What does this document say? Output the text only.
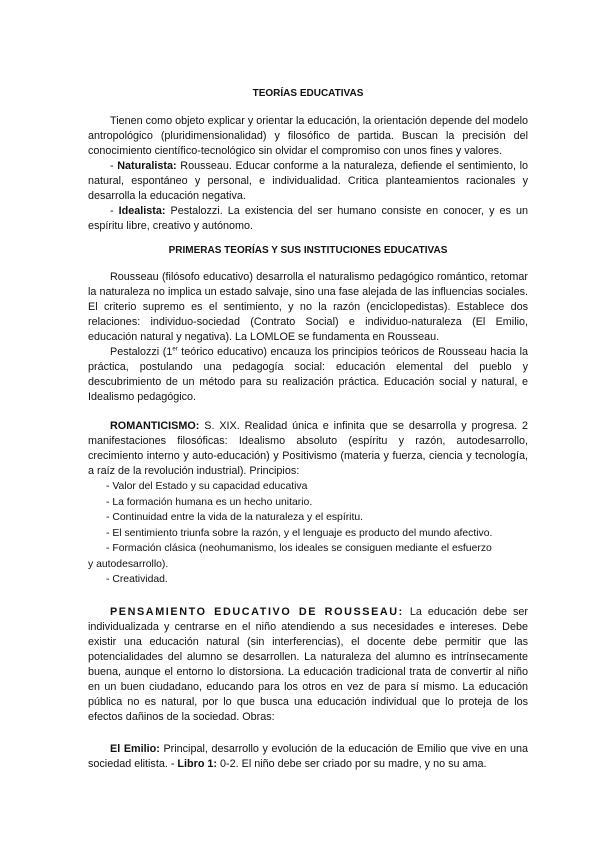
TEORÍAS EDUCATIVAS

Tienen como objeto explicar y orientar la educación, la orientación depende del modelo antropológico (pluridimensionalidad) y filosófico de partida. Buscan la precisión del conocimiento científico-tecnológico sin olvidar el compromiso con unos fines y valores.

- Naturalista: Rousseau. Educar conforme a la naturaleza, defiende el sentimiento, lo natural, espontáneo y personal, e individualidad. Critica planteamientos racionales y desarrolla la educación negativa.

- Idealista: Pestalozzi. La existencia del ser humano consiste en conocer, y es un espíritu libre, creativo y autónomo.

PRIMERAS TEORÍAS Y SUS INSTITUCIONES EDUCATIVAS

Rousseau (filósofo educativo) desarrolla el naturalismo pedagógico romántico, retomar la naturaleza no implica un estado salvaje, sino una fase alejada de las influencias sociales. El criterio supremo es el sentimiento, y no la razón (enciclopedistas). Establece dos relaciones: individuo-sociedad (Contrato Social) e individuo-naturaleza (El Emilio, educación natural y negativa). La LOMLOE se fundamenta en Rousseau.

Pestalozzi (1er teórico educativo) encauza los principios teóricos de Rousseau hacia la práctica, postulando una pedagogía social: educación elemental del pueblo y descubrimiento de un método para su realización práctica. Educación social y natural, e Idealismo pedagógico.

ROMANTICISMO: S. XIX. Realidad única e infinita que se desarrolla y progresa. 2 manifestaciones filosóficas: Idealismo absoluto (espíritu y razón, autodesarrollo, crecimiento interno y auto-educación) y Positivismo (materia y fuerza, ciencia y tecnología, a raíz de la revolución industrial). Principios:

- Valor del Estado y su capacidad educativa
- La formación humana es un hecho unitario.
- Continuidad entre la vida de la naturaleza y el espíritu.
- El sentimiento triunfa sobre la razón, y el lenguaje es producto del mundo afectivo.
- Formación clásica (neohumanismo, los ideales se consiguen mediante el esfuerzo
y autodesarrollo).
- Creatividad.

PENSAMIENTO EDUCATIVO DE ROUSSEAU: La educación debe ser individualizada y centrarse en el niño atendiendo a sus necesidades e intereses. Debe existir una educación natural (sin interferencias), el docente debe permitir que las potencialidades del alumno se desarrollen. La naturaleza del alumno es intrínsecamente buena, aunque el entorno lo distorsiona. La educación tradicional trata de convertir al niño en un buen ciudadano, educando para los otros en vez de para sí mismo. La educación pública no es natural, por lo que busca una educación individual que lo proteja de los efectos dañinos de la sociedad. Obras:

El Emilio: Principal, desarrollo y evolución de la educación de Emilio que vive en una sociedad elitista. - Libro 1: 0-2. El niño debe ser criado por su madre, y no su ama.
